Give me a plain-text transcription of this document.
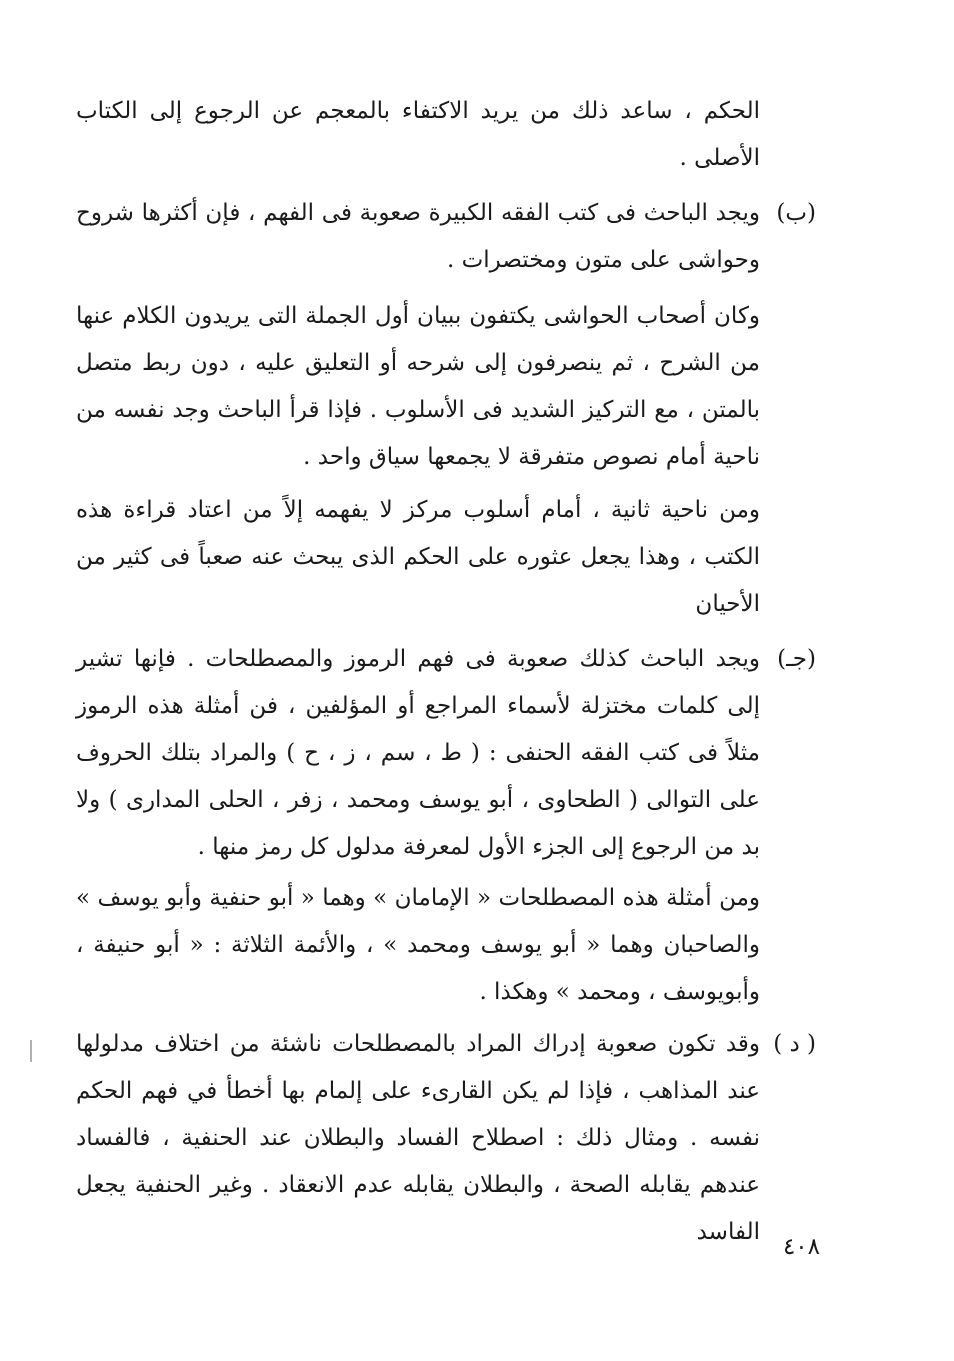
الحكم ، ساعد ذلك من يريد الاكتفاء بالمعجم عن الرجوع إلى الكتاب الأصلى .

(ب)

ويجد الباحث فى كتب الفقه الكبيرة صعوبة فى الفهم ، فإن أكثرها شروح وحواشى على متون ومختصرات .

وكان أصحاب الحواشى يكتفون ببيان أول الجملة التى يريدون الكلام عنها من الشرح ، ثم ينصرفون إلى شرحه أو التعليق عليه ، دون ربط متصل بالمتن ، مع التركيز الشديد فى الأسلوب . فإذا قرأ الباحث وجد نفسه من ناحية أمام نصوص متفرقة لا يجمعها سياق واحد .

ومن ناحية ثانية ، أمام أسلوب مركز لا يفهمه إلاً من اعتاد قراءة هذه الكتب ، وهذا يجعل عثوره على الحكم الذى يبحث عنه صعباً فى كثير من الأحيان

(جـ)

ويجد الباحث كذلك صعوبة فى فهم الرموز والمصطلحات . فإنها تشير إلى كلمات مختزلة لأسماء المراجع أو المؤلفين ، فن أمثلة هذه الرموز مثلاً فى كتب الفقه الحنفى : ( ط ، سم ، ز ، ح ) والمراد بتلك الحروف على التوالى ( الطحاوى ، أبو يوسف ومحمد ، زفر ، الحلى المدارى ) ولا بد من الرجوع إلى الجزء الأول لمعرفة مدلول كل رمز منها .

ومن أمثلة هذه المصطلحات « الإمامان » وهما « أبو حنفية وأبو يوسف » والصاحبان وهما « أبو يوسف ومحمد » ، والأئمة الثلاثة : « أبو حنيفة ، وأبويوسف ، ومحمد » وهكذا .

( د )

وقد تكون صعوبة إدراك المراد بالمصطلحات ناشئة من اختلاف مدلولها عند المذاهب ، فإذا لم يكن القارىء على إلمام بها أخطأ في فهم الحكم نفسه . ومثال ذلك : اصطلاح الفساد والبطلان عند الحنفية ، فالفساد عندهم يقابله الصحة ، والبطلان يقابله عدم الانعقاد . وغير الحنفية يجعل الفاسد

٤٠٨
